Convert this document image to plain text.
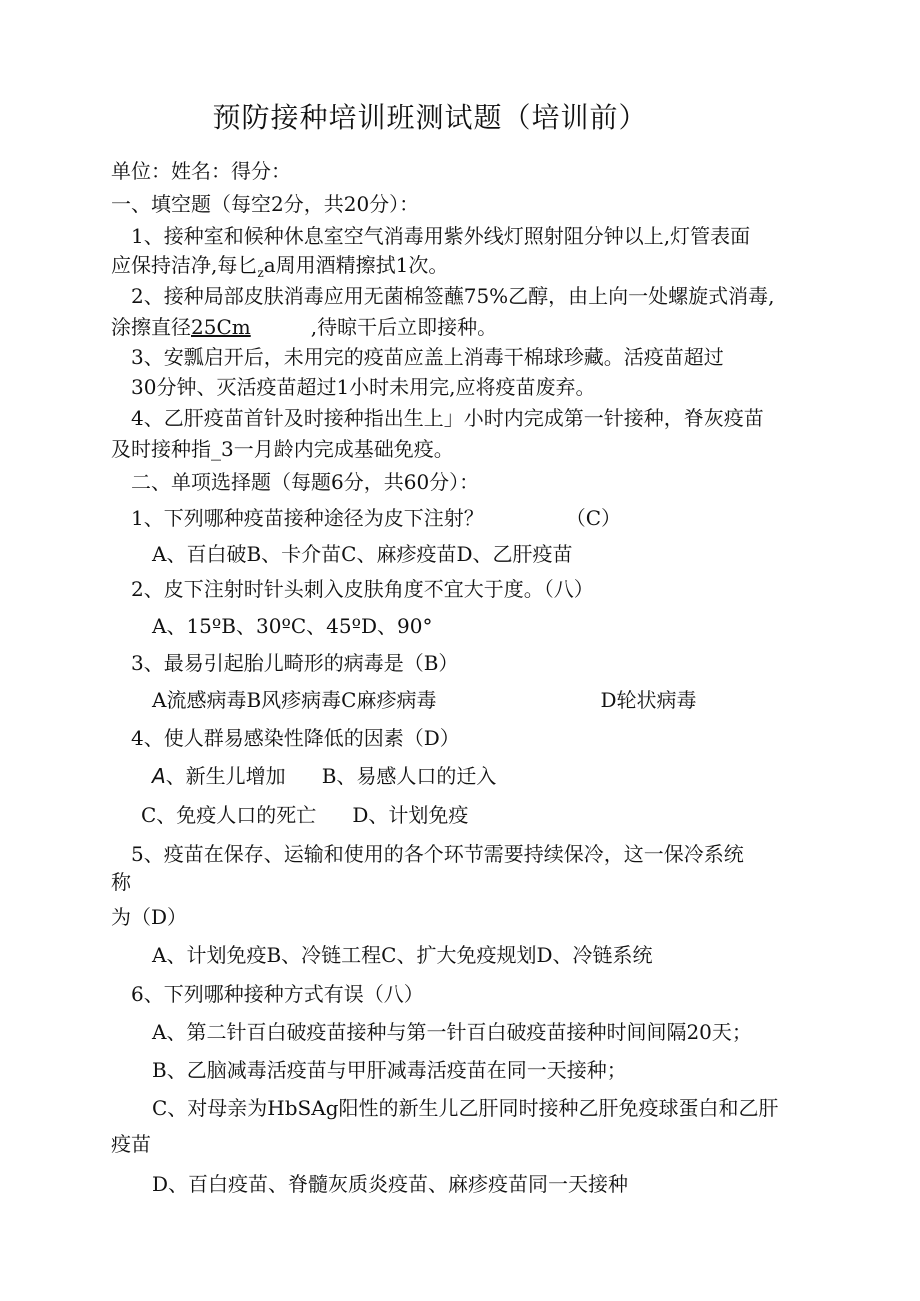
预防接种培训班测试题（培训前）
单位：姓名：得分：
一、填空题（每空2分，共20分）：
1、接种室和候种休息室空气消毒用紫外线灯照射阻分钟以上,灯管表面
应保持洁净,每匕$_z$a周用酒精擦拭1次。
2、接种局部皮肤消毒应用无菌棉签蘸75%乙醇，由上向一处螺旋式消毒,
涂擦直径25Cm	,待晾干后立即接种。
3、安瓢启开后，未用完的疫苗应盖上消毒干棉球珍藏。活疫苗超过
30分钟、灭活疫苗超过1小时未用完,应将疫苗废弃。
4、乙肝疫苗首针及时接种指出生上」小时内完成第一针接种，脊灰疫苗
及时接种指_3一月龄内完成基础免疫。
二、单项选择题（每题6分，共60分）：
1、下列哪种疫苗接种途径为皮下注射？	（C）
A、百白破B、卡介苗C、麻疹疫苗D、乙肝疫苗
2、皮下注射时针头刺入皮肤角度不宜大于度。（八）
A、15ºB、30ºC、45ºD、90°
3、最易引起胎儿畸形的病毒是（B）
A流感病毒B风疹病毒C麻疹病毒	D轮状病毒
4、使人群易感染性降低的因素（D）
A、新生儿增加 B、易感人口的迁入
C、免疫人口的死亡 D、计划免疫
5、疫苗在保存、运输和使用的各个环节需要持续保冷，这一保冷系统
称
为（D）
A、计划免疫B、冷链工程C、扩大免疫规划D、冷链系统
6、下列哪种接种方式有误（八）
A、第二针百白破疫苗接种与第一针百白破疫苗接种时间间隔20天；
B、乙脑减毒活疫苗与甲肝减毒活疫苗在同一天接种；
C、对母亲为HbSAg阳性的新生儿乙肝同时接种乙肝免疫球蛋白和乙肝
疫苗
D、百白疫苗、脊髓灰质炎疫苗、麻疹疫苗同一天接种
